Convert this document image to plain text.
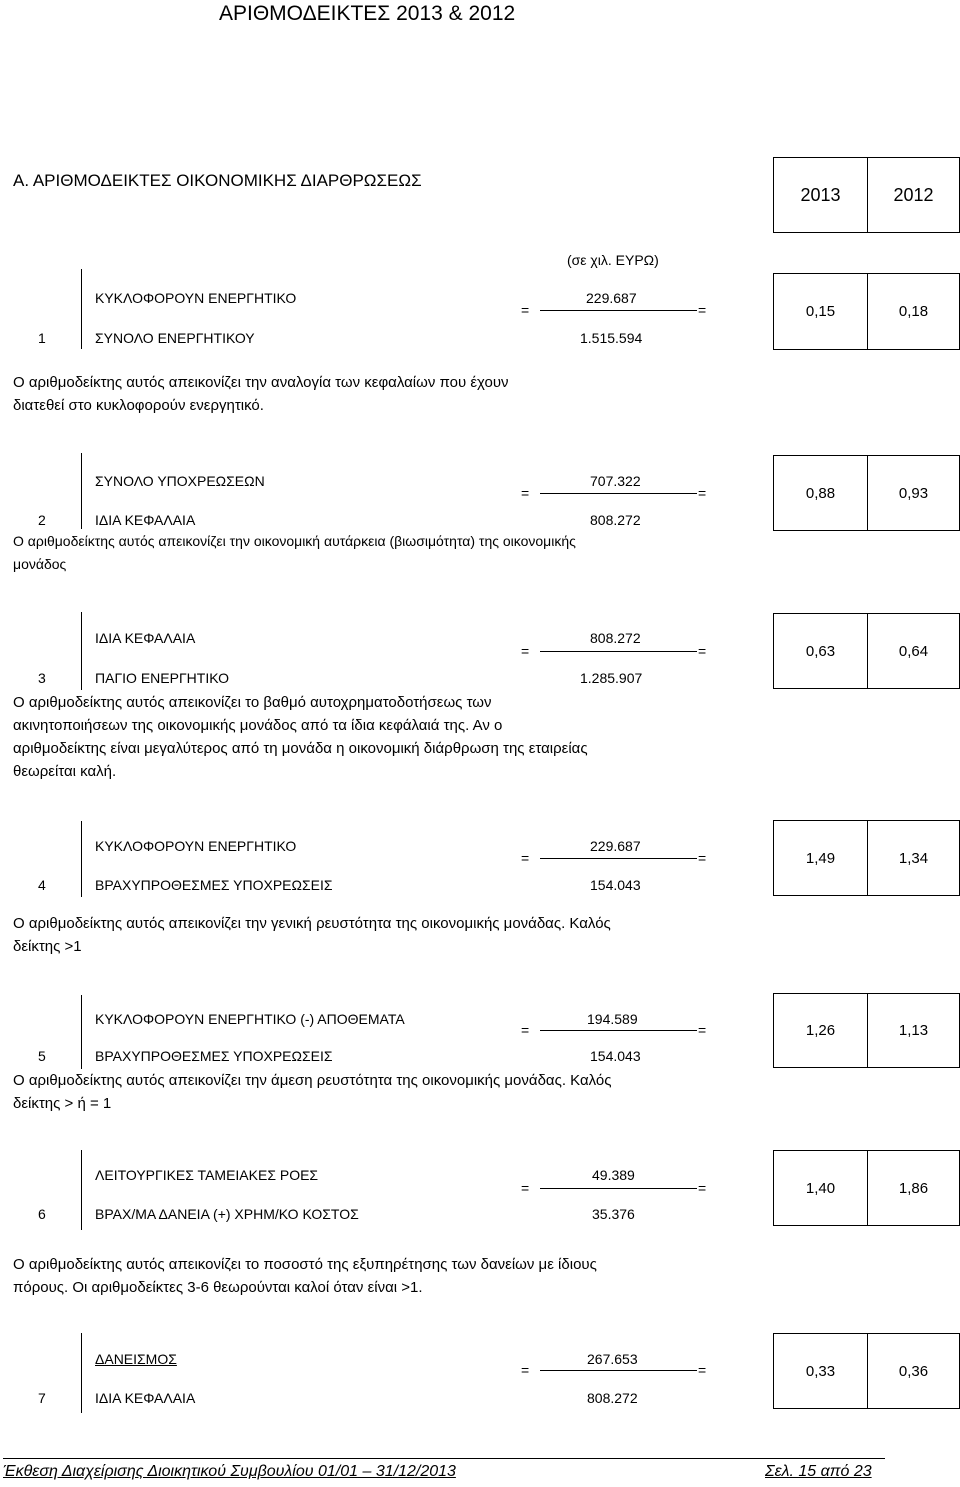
ΑΡΙΘΜΟΔΕΙΚΤΕΣ 2013 & 2012
Α. ΑΡΙΘΜΟΔΕΙΚΤΕΣ ΟΙΚΟΝΟΜΙΚΗΣ ΔΙΑΡΘΡΩΣΕΩΣ
2013	2012
(σε χιλ. ΕΥΡΩ)
ΚΥΚΛΟΦΟΡΟΥΝ ΕΝΕΡΓΗΤΙΚΟ	229.687
=	=
1	ΣΥΝΟΛΟ ΕΝΕΡΓΗΤΙΚΟΥ	1.515.594
0,15	0,18
Ο αριθμοδείκτης αυτός απεικονίζει την αναλογία των κεφαλαίων που έχουν
διατεθεί στο κυκλοφορούν ενεργητικό.
ΣΥΝΟΛΟ ΥΠΟΧΡΕΩΣΕΩΝ	707.322
=	=
2	ΙΔΙΑ ΚΕΦΑΛΑΙΑ	808.272
0,88	0,93
Ο αριθμοδείκτης αυτός απεικονίζει την οικονομική αυτάρκεια (βιωσιμότητα) της οικονομικής
μονάδος
ΙΔΙΑ ΚΕΦΑΛΑΙΑ	808.272
=	=
3	ΠΑΓΙΟ ΕΝΕΡΓΗΤΙΚΟ	1.285.907
0,63	0,64
Ο αριθμοδείκτης αυτός απεικονίζει το βαθμό αυτοχρηματοδοτήσεως των
ακινητοποιήσεων της οικονομικής μονάδος από τα ίδια κεφάλαιά της. Αν ο
αριθμοδείκτης είναι μεγαλύτερος από τη μονάδα η οικονομική διάρθρωση της εταιρείας
θεωρείται καλή.
ΚΥΚΛΟΦΟΡΟΥΝ ΕΝΕΡΓΗΤΙΚΟ	229.687
=	=
4	ΒΡΑΧΥΠΡΟΘΕΣΜΕΣ ΥΠΟΧΡΕΩΣΕΙΣ	154.043
1,49	1,34
Ο αριθμοδείκτης αυτός απεικονίζει την γενική ρευστότητα της οικονομικής μονάδας. Καλός
δείκτης >1
ΚΥΚΛΟΦΟΡΟΥΝ ΕΝΕΡΓΗΤΙΚΟ (-) ΑΠΟΘΕΜΑΤΑ	194.589
=	=
5	ΒΡΑΧΥΠΡΟΘΕΣΜΕΣ ΥΠΟΧΡΕΩΣΕΙΣ	154.043
1,26	1,13
Ο αριθμοδείκτης αυτός απεικονίζει την άμεση ρευστότητα της οικονομικής μονάδας. Καλός
δείκτης > ή = 1
ΛΕΙΤΟΥΡΓΙΚΕΣ ΤΑΜΕΙΑΚΕΣ ΡΟΕΣ	49.389
=	=
6	ΒΡΑΧ/ΜΑ ΔΑΝΕΙΑ (+) ΧΡΗΜ/ΚΟ ΚΟΣΤΟΣ	35.376
1,40	1,86
Ο αριθμοδείκτης αυτός απεικονίζει το ποσοστό της εξυπηρέτησης των δανείων με ίδιους
πόρους. Οι αριθμοδείκτες 3-6 θεωρούνται καλοί όταν είναι >1.
ΔΑΝΕΙΣΜΟΣ	267.653
=	=
7	ΙΔΙΑ ΚΕΦΑΛΑΙΑ	808.272
0,33	0,36
Έκθεση Διαχείρισης Διοικητικού Συμβουλίου 01/01 – 31/12/2013	Σελ. 15 από 23
